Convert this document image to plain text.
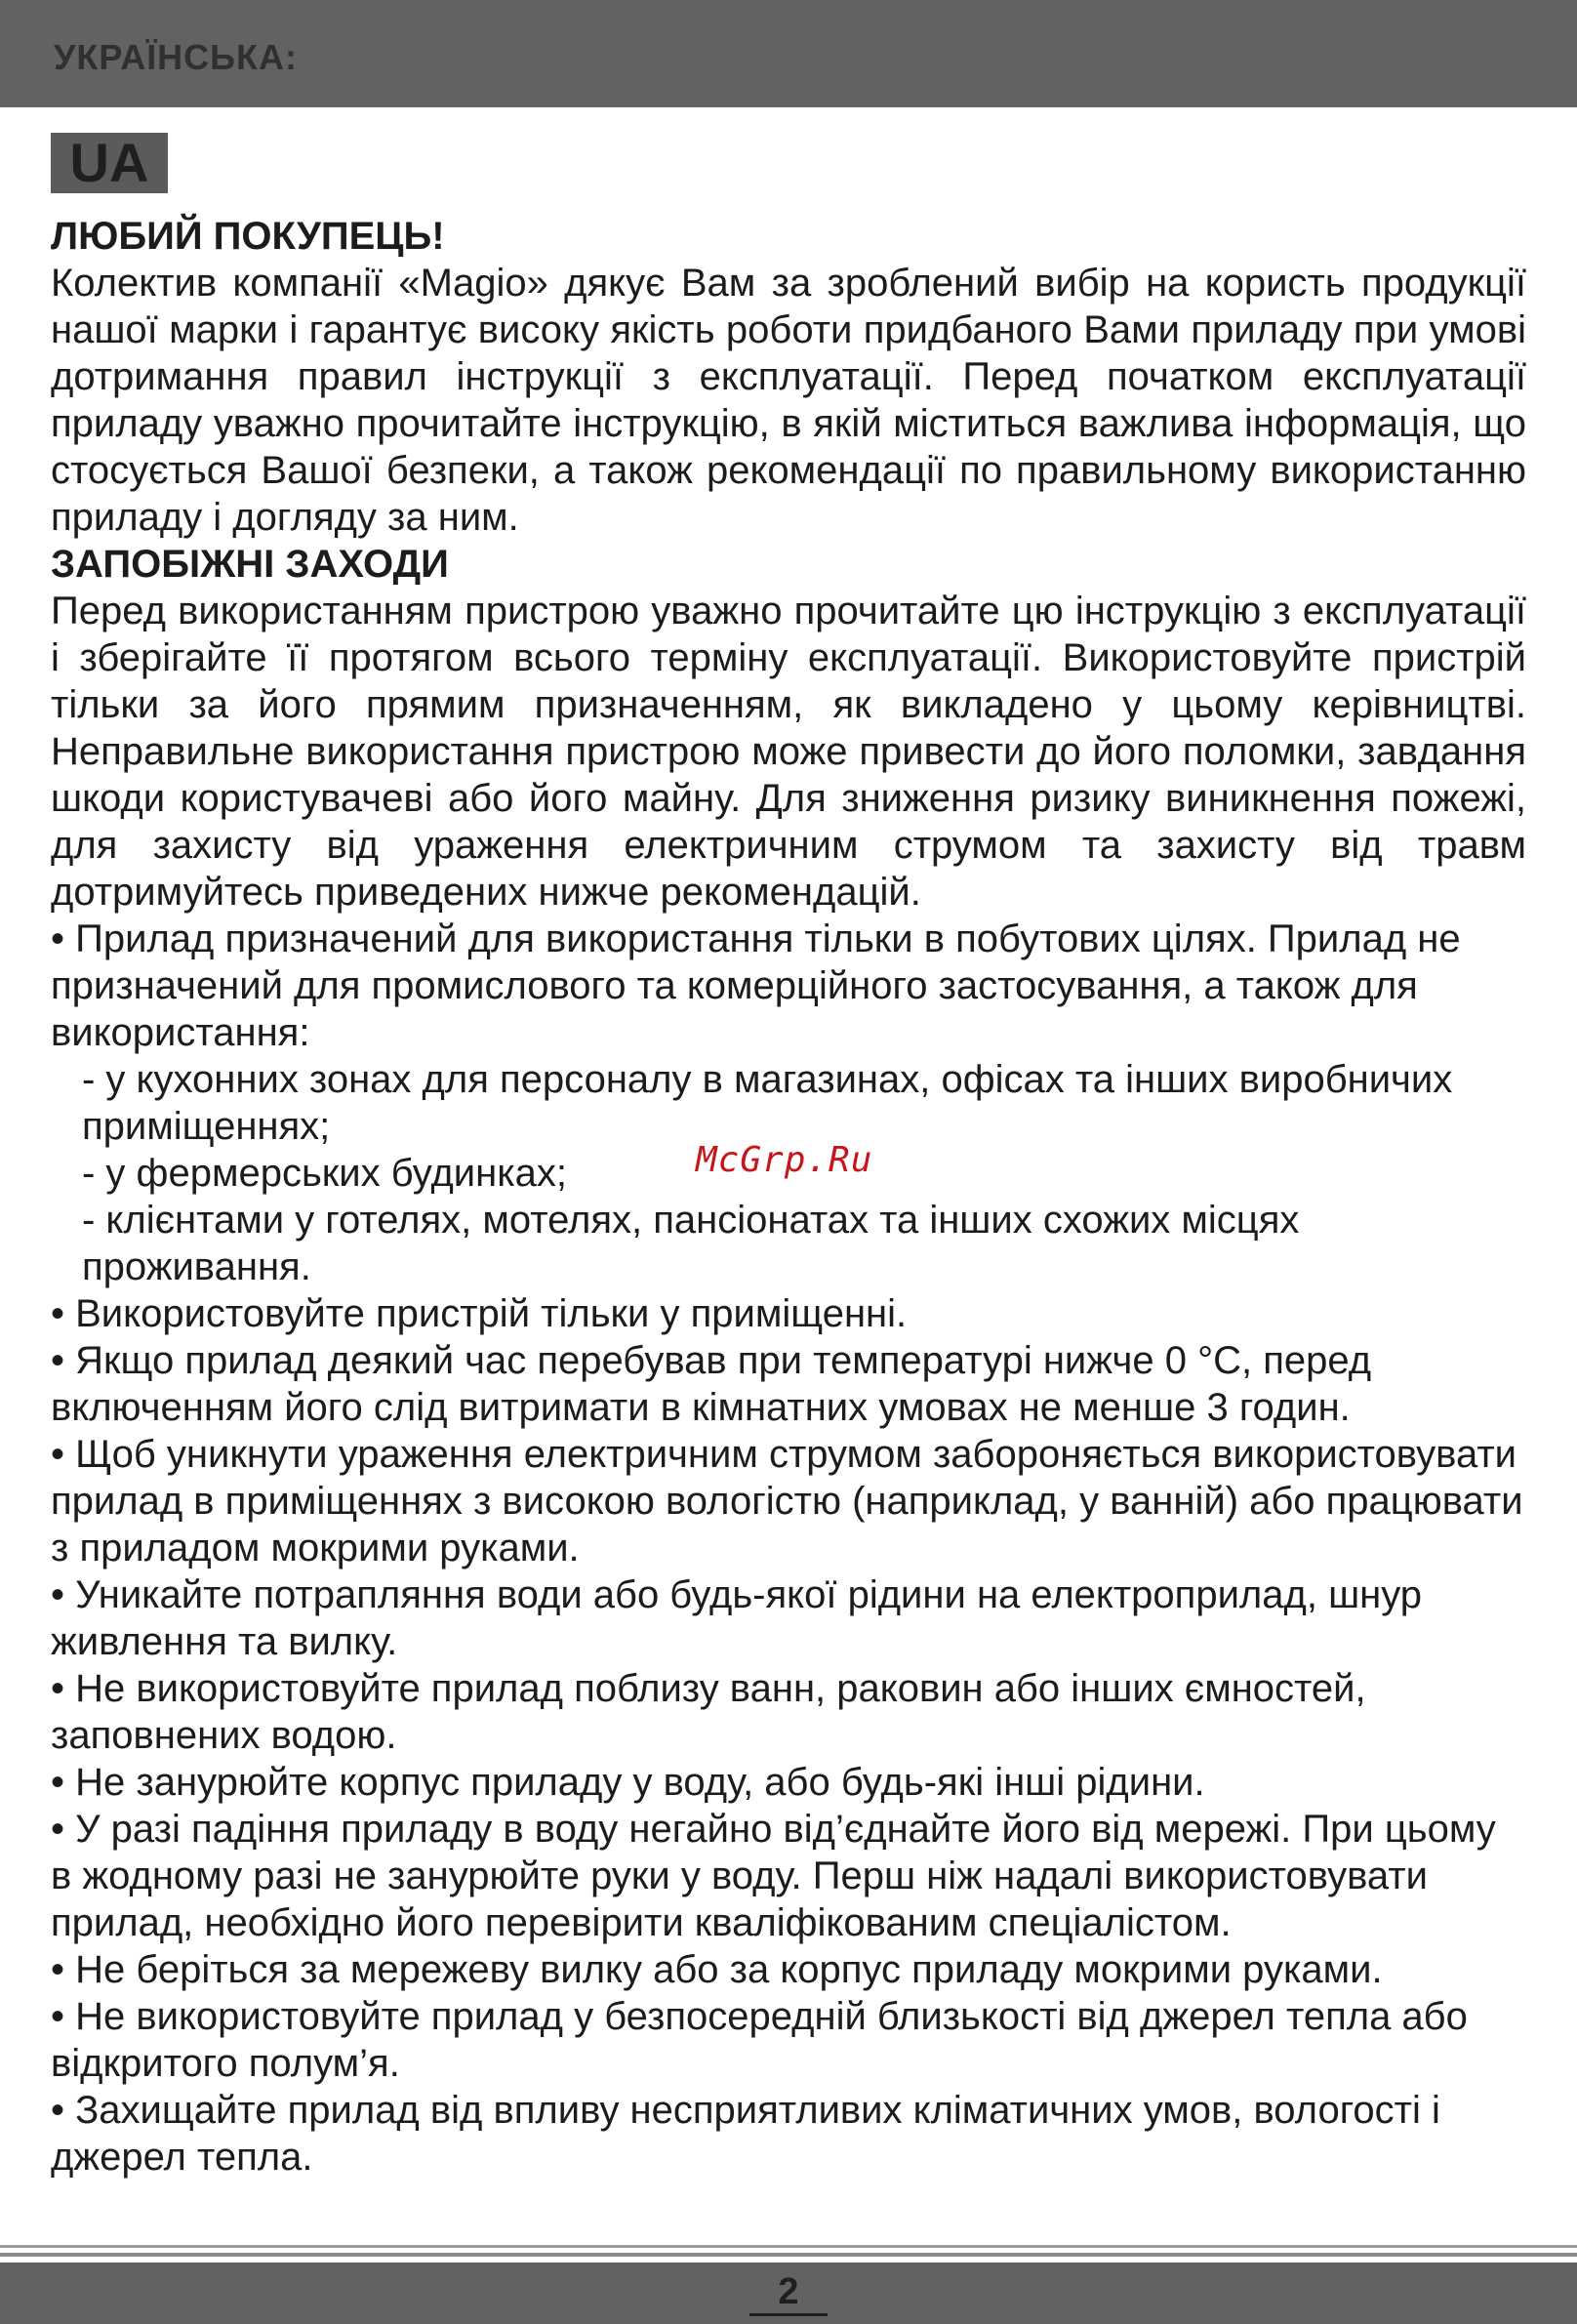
УКРАЇНСЬКА:
UA

ЛЮБИЙ ПОКУПЕЦЬ!

Колектив компанії «Magio» дякує Вам за зроблений вибір на користь продукції нашої марки і гарантує високу якість роботи придбаного Вами приладу при умові дотримання правил інструкції з експлуатації. Перед початком експлуатації приладу уважно прочитайте інструкцію, в якій міститься важлива інформація, що стосується Вашої безпеки, а також рекомендації по правильному використанню приладу і догляду за ним.

ЗАПОБІЖНІ ЗАХОДИ

Перед використанням пристрою уважно прочитайте цю інструкцію з експлуатації і зберігайте її протягом всього терміну експлуатації. Використовуйте пристрій тільки за його прямим призначенням, як викладено у цьому керівництві. Неправильне використання пристрою може привести до його поломки, завдання шкоди користувачеві або його майну. Для зниження ризику виникнення пожежі, для захисту від ураження електричним струмом та захисту від травм дотримуйтесь приведених нижче рекомендацій.

• Прилад призначений для використання тільки в побутових цілях. Прилад не призначений для промислового та комерційного застосування, а також для використання:

- у кухонних зонах для персоналу в магазинах, офісах та інших виробничих приміщеннях;

- у фермерських будинках;

- клієнтами у готелях, мотелях, пансіонатах та інших схожих місцях проживання.

• Використовуйте пристрій тільки у приміщенні.

• Якщо прилад деякий час перебував при температурі нижче 0 °С, перед включенням його слід витримати в кімнатних умовах не менше 3 годин.

• Щоб уникнути ураження електричним струмом забороняється використовувати прилад в приміщеннях з високою вологістю (наприклад, у ванній) або працювати з приладом мокрими руками.

• Уникайте потрапляння води або будь-якої рідини на електроприлад, шнур живлення та вилку.

• Не використовуйте прилад поблизу ванн, раковин або інших ємностей, заповнених водою.

• Не занурюйте корпус приладу у воду, або будь-які інші рідини.

• У разі падіння приладу в воду негайно від’єднайте його від мережі. При цьому в жодному разі не занурюйте руки у воду. Перш ніж надалі використовувати прилад, необхідно його перевірити кваліфікованим спеціалістом.

• Не беріться за мережеву вилку або за корпус приладу мокрими руками.

• Не використовуйте прилад у безпосередній близькості від джерел тепла або відкритого полум’я.

• Захищайте прилад від впливу несприятливих кліматичних умов, вологості і джерел тепла.

McGrp.Ru
2
